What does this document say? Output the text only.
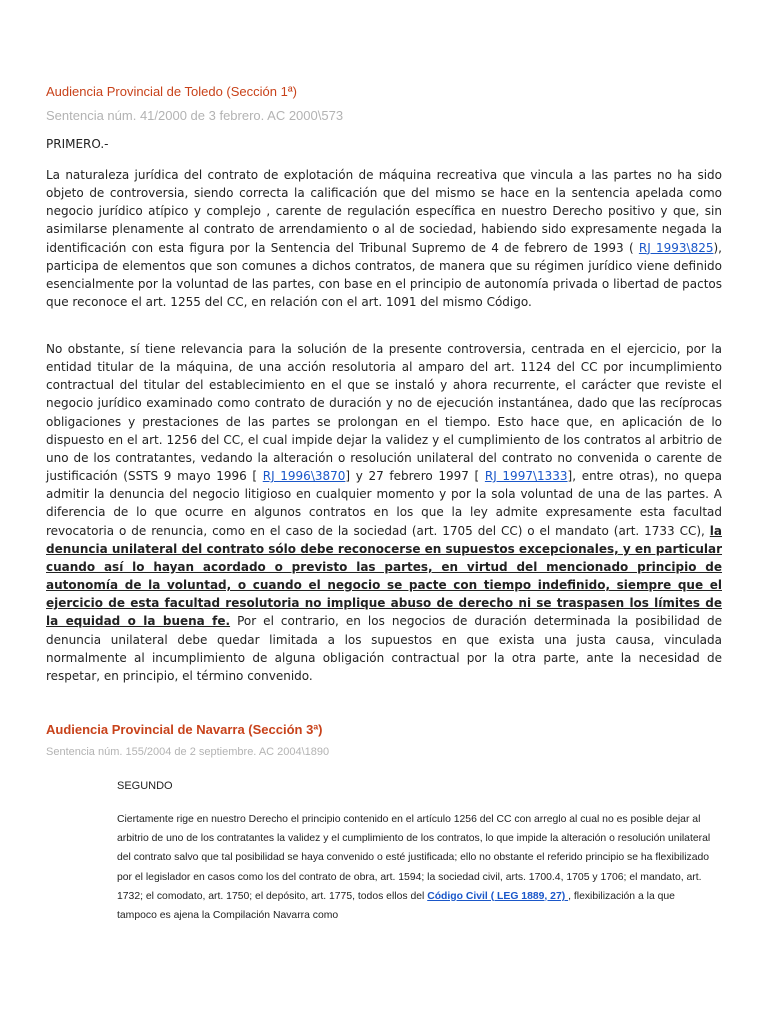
Audiencia Provincial de Toledo (Sección 1ª)
Sentencia núm. 41/2000 de 3 febrero. AC 2000\573
PRIMERO.-
La naturaleza jurídica del contrato de explotación de máquina recreativa que vincula a las partes no ha sido objeto de controversia, siendo correcta la calificación que del mismo se hace en la sentencia apelada como negocio jurídico atípico y complejo , carente de regulación específica en nuestro Derecho positivo y que, sin asimilarse plenamente al contrato de arrendamiento o al de sociedad, habiendo sido expresamente negada la identificación con esta figura por la Sentencia del Tribunal Supremo de 4 de febrero de 1993 ( RJ 1993\825), participa de elementos que son comunes a dichos contratos, de manera que su régimen jurídico viene definido esencialmente por la voluntad de las partes, con base en el principio de autonomía privada o libertad de pactos que reconoce el art. 1255 del CC, en relación con el art. 1091 del mismo Código.
No obstante, sí tiene relevancia para la solución de la presente controversia, centrada en el ejercicio, por la entidad titular de la máquina, de una acción resolutoria al amparo del art. 1124 del CC por incumplimiento contractual del titular del establecimiento en el que se instaló y ahora recurrente, el carácter que reviste el negocio jurídico examinado como contrato de duración y no de ejecución instantánea, dado que las recíprocas obligaciones y prestaciones de las partes se prolongan en el tiempo. Esto hace que, en aplicación de lo dispuesto en el art. 1256 del CC, el cual impide dejar la validez y el cumplimiento de los contratos al arbitrio de uno de los contratantes, vedando la alteración o resolución unilateral del contrato no convenida o carente de justificación (SSTS 9 mayo 1996 [ RJ 1996\3870] y 27 febrero 1997 [ RJ 1997\1333], entre otras), no quepa admitir la denuncia del negocio litigioso en cualquier momento y por la sola voluntad de una de las partes. A diferencia de lo que ocurre en algunos contratos en los que la ley admite expresamente esta facultad revocatoria o de renuncia, como en el caso de la sociedad (art. 1705 del CC) o el mandato (art. 1733 CC), la denuncia unilateral del contrato sólo debe reconocerse en supuestos excepcionales, y en particular cuando así lo hayan acordado o previsto las partes, en virtud del mencionado principio de autonomía de la voluntad, o cuando el negocio se pacte con tiempo indefinido, siempre que el ejercicio de esta facultad resolutoria no implique abuso de derecho ni se traspasen los límites de la equidad o la buena fe. Por el contrario, en los negocios de duración determinada la posibilidad de denuncia unilateral debe quedar limitada a los supuestos en que exista una justa causa, vinculada normalmente al incumplimiento de alguna obligación contractual por la otra parte, ante la necesidad de respetar, en principio, el término convenido.
Audiencia Provincial de Navarra (Sección 3ª)
Sentencia núm. 155/2004 de 2 septiembre. AC 2004\1890
SEGUNDO
Ciertamente rige en nuestro Derecho el principio contenido en el artículo 1256 del CC con arreglo al cual no es posible dejar al arbitrio de uno de los contratantes la validez y el cumplimiento de los contratos, lo que impide la alteración o resolución unilateral del contrato salvo que tal posibilidad se haya convenido o esté justificada; ello no obstante el referido principio se ha flexibilizado por el legislador en casos como los del contrato de obra, art. 1594; la sociedad civil, arts. 1700.4, 1705 y 1706; el mandato, art. 1732; el comodato, art. 1750; el depósito, art. 1775, todos ellos del Código Civil ( LEG 1889, 27) , flexibilización a la que tampoco es ajena la Compilación Navarra como
